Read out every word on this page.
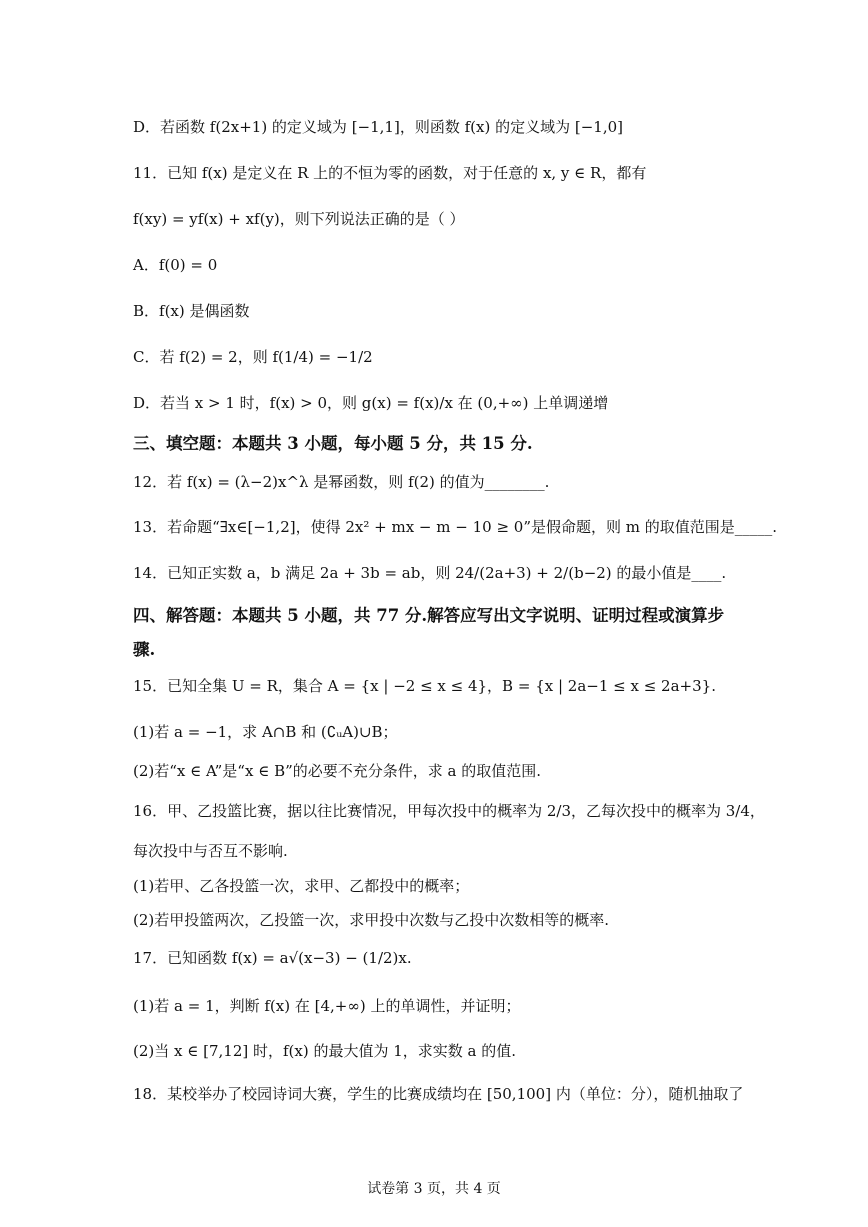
D．若函数 f(2x+1) 的定义域为 [−1,1]，则函数 f(x) 的定义域为 [−1,0]
11．已知 f(x) 是定义在 R 上的不恒为零的函数，对于任意的 x, y ∈ R，都有
f(xy) = yf(x) + xf(y)，则下列说法正确的是（ ）
A．f(0) = 0
B．f(x) 是偶函数
C．若 f(2) = 2，则 f(1/4) = −1/2
D．若当 x > 1 时，f(x) > 0，则 g(x) = f(x)/x 在 (0,+∞) 上单调递增
三、填空题：本题共 3 小题，每小题 5 分，共 15 分.
12．若 f(x) = (λ−2)x^λ 是幂函数，则 f(2) 的值为________.
13．若命题“∃x∈[−1,2]，使得 2x² + mx − m − 10 ≥ 0”是假命题，则 m 的取值范围是_____.
14．已知正实数 a，b 满足 2a + 3b = ab，则 24/(2a+3) + 2/(b−2) 的最小值是____.
四、解答题：本题共 5 小题，共 77 分.解答应写出文字说明、证明过程或演算步
骤.
15．已知全集 U = R，集合 A = {x | −2 ≤ x ≤ 4}，B = {x | 2a−1 ≤ x ≤ 2a+3}.
(1)若 a = −1，求 A∩B 和 (∁ᵤA)∪B；
(2)若“x ∈ A”是“x ∈ B”的必要不充分条件，求 a 的取值范围.
16．甲、乙投篮比赛，据以往比赛情况，甲每次投中的概率为 2/3，乙每次投中的概率为 3/4，
每次投中与否互不影响.
(1)若甲、乙各投篮一次，求甲、乙都投中的概率；
(2)若甲投篮两次，乙投篮一次，求甲投中次数与乙投中次数相等的概率.
17．已知函数 f(x) = a√(x−3) − (1/2)x.
(1)若 a = 1，判断 f(x) 在 [4,+∞) 上的单调性，并证明；
(2)当 x ∈ [7,12] 时，f(x) 的最大值为 1，求实数 a 的值.
18．某校举办了校园诗词大赛，学生的比赛成绩均在 [50,100] 内（单位：分），随机抽取了
试卷第 3 页，共 4 页
